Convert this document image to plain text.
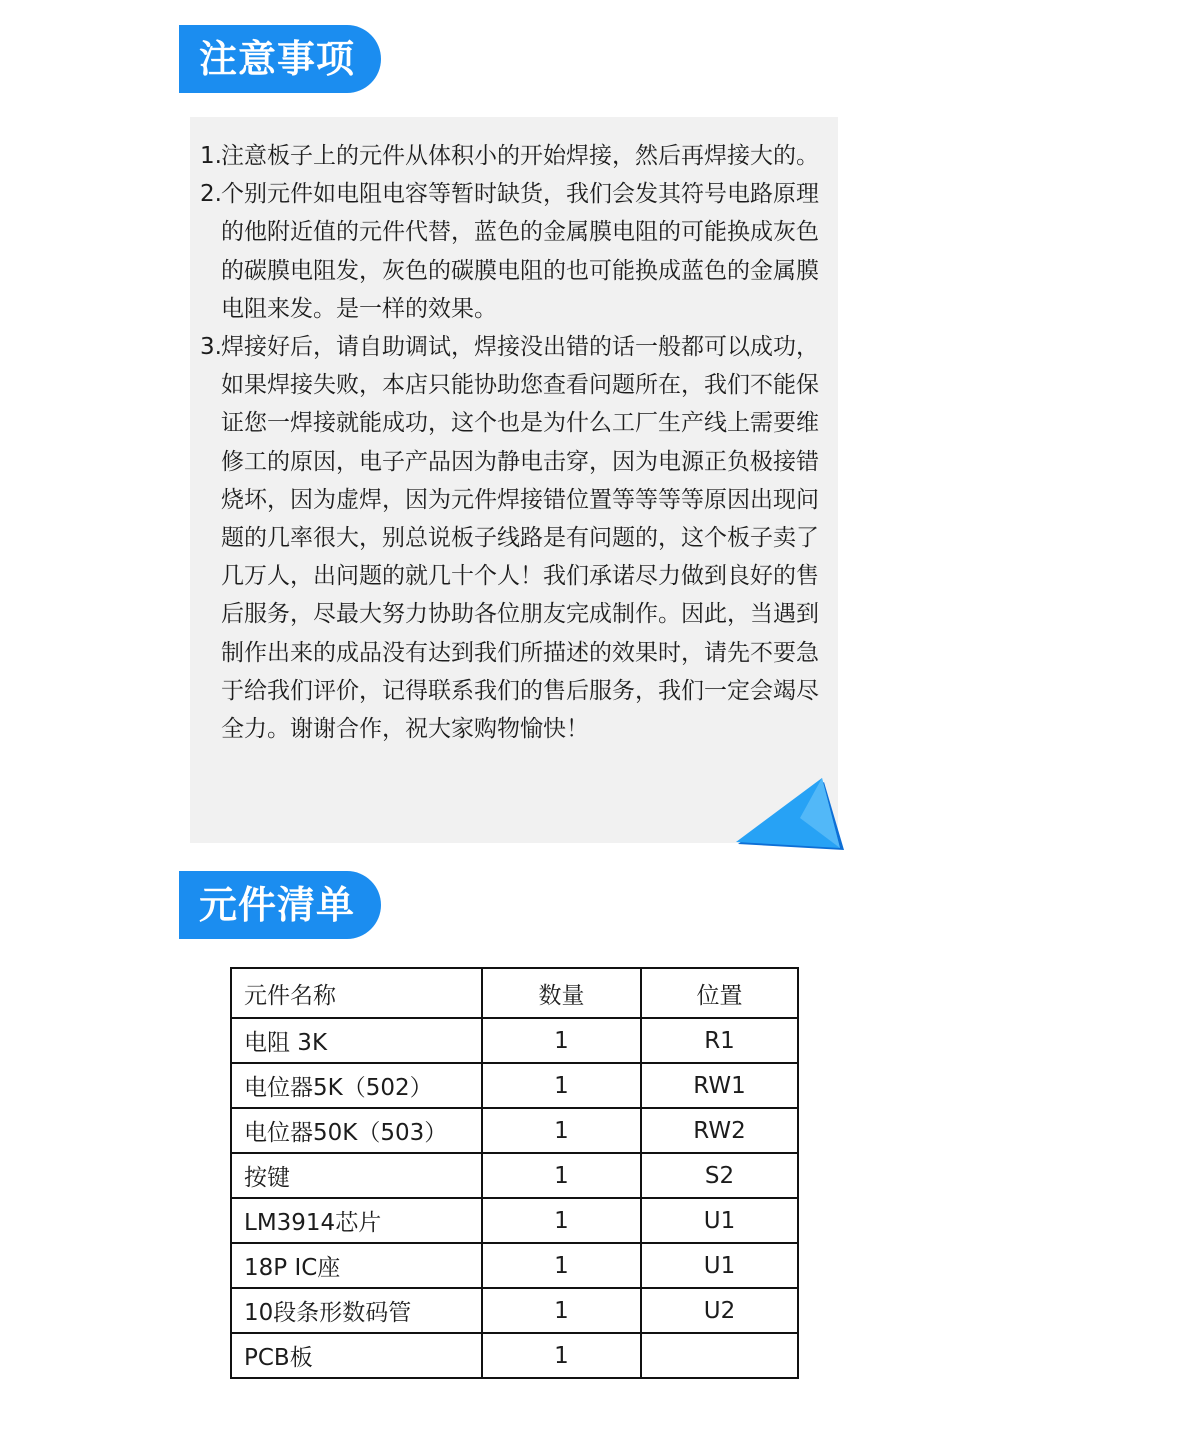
注意事项
1. 注意板子上的元件从体积小的开始焊接，然后再焊接大的。
2. 个别元件如电阻电容等暂时缺货，我们会发其符号电路原理的他附近值的元件代替，蓝色的金属膜电阻的可能换成灰色的碳膜电阻发，灰色的碳膜电阻的也可能换成蓝色的金属膜电阻来发。是一样的效果。
3. 焊接好后，请自助调试，焊接没出错的话一般都可以成功，如果焊接失败，本店只能协助您查看问题所在，我们不能保证您一焊接就能成功，这个也是为什么工厂生产线上需要维修工的原因，电子产品因为静电击穿，因为电源正负极接错烧坏，因为虚焊，因为元件焊接错位置等等等等原因出现问题的几率很大，别总说板子线路是有问题的，这个板子卖了几万人，出问题的就几十个人！我们承诺尽力做到良好的售后服务，尽最大努力协助各位朋友完成制作。因此，当遇到制作出来的成品没有达到我们所描述的效果时，请先不要急于给我们评价，记得联系我们的售后服务，我们一定会竭尽全力。谢谢合作，祝大家购物愉快！
元件清单
元件名称	数量	位置
电阻 3K	1	R1
电位器5K（502）	1	RW1
电位器50K（503）	1	RW2
按键	1	S2
LM3914芯片	1	U1
18P IC座	1	U1
10段条形数码管	1	U2
PCB板	1	
